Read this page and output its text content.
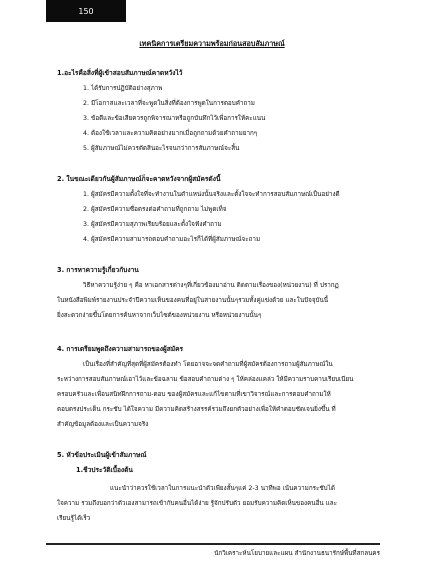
150
เทคนิคการเตรียมความพร้อมก่อนสอบสัมภาษณ์
1.อะไรคือสิ่งที่ผู้เข้าสอบสัมภาษณ์คาดหวังไว้
1. ได้รับการปฏิบัติอย่างสุภาพ
2. มีโอกาสและเวลาที่จะพูดในสิ่งที่ต้องการพูดในการตอบคำถาม
3. ข้อดีและข้อเสียควรถูกพิจารณาหรือถูกบันทึกไว้เพื่อการให้คะแนน
4. ต้องใช้เวลาและความคิดอย่างมากเมื่อถูกถามด้วยคำถามยากๆ
5. ผู้สัมภาษณ์ไม่ควรตัดสินอะไรจนกว่าการสัมภาษณ์จะสิ้น
2. ในขณะเดียวกันผู้สัมภาษณ์ก็จะคาดหวังจากผู้สมัครดังนี้
1. ผู้สมัครมีความตั้งใจที่จะทำงานในตำแหน่งนั้นจริงและตั้งใจจะทำการสอบสัมภาษณ์เป็นอย่างดี
2. ผู้สมัครมีความซื่อตรงต่อคำถามที่ถูกถาม ไม่พูดเท็จ
3. ผู้สมัครมีความสุภาพเรียบร้อยและตั้งใจฟังคำถาม
4. ผู้สมัครมีความสามารถตอบคำถามอะไรก็ได้ที่ผู้สัมภาษณ์จะถาม
3. การหาความรู้เกี่ยวกับงาน
วิธีหาความรู้ง่าย ๆ คือ หาเอกสารต่างๆที่เกี่ยวข้องมาอ่าน ติดตามเรื่องของ(หน่วยงาน) ที่ ปรากฏ
ในหนังสือพิมพ์รายงานประจำปีความเห็นของคนที่อยู่ในสายงานนั้นๆรวมทั้งคู่แข่งด้วย และในปัจจุบันนี้
ยิ่งสะดวกง่ายขึ้นโดยการค้นหาจากเว็บไซต์ของหน่วยงาน หรือหน่วยงานนั้นๆ
4. การเตรียมพูดถึงความสามารถของผู้สมัคร
เป็นเรื่องที่สำคัญที่สุดที่ผู้สมัครต้องทำ โดยอาจจะจดคำถามที่ผู้สมัครต้องการถามผู้สัมภาษณ์ใน
ระหว่างการสอบสัมภาษณ์เอาไว้และข้อฉลาม ข้อสอบคำถามต่าง ๆ ให้คล่องแคล่ว ให้มีความราบคาบเรียบเนียน
ครอบครัวและเพื่อนสนิทฝึกการถาม-ตอบ ของผู้สมัครและแก้ไขตามที่เขาวิจารณ์และการตอบคำถามให้
ตอบตรงประเด็น กระชับ ได้ใจความ มีความคิดสร้างสรรค์รวมถึงยกตัวอย่างเพื่อให้คำตอบชัดเจนยิ่งขึ้น ที่
สำคัญข้อมูลต้องและเป็นความจริง
5. หัวข้อประเมินผู้เข้าสัมภาษณ์
1.ชีวประวัติเบื้องต้น
แนะนำว่าควรใช้เวลาในการแนะนำตัวเพียงสั้นๆแค่ 2-3 นาทีพอ เน้นความกระชับได้
ใจความ รวมถึงบอกว่าตัวเองสามารถเข้ากับคนอื่นได้ง่าย รู้จักปรับตัว ยอมรับความคิดเห็นของคนอื่น และ
เรียนรู้ได้เร็ว
นักวิเคราะห์นโยบายและแผน สำนักงานธนารักษ์พื้นที่สกลนคร
